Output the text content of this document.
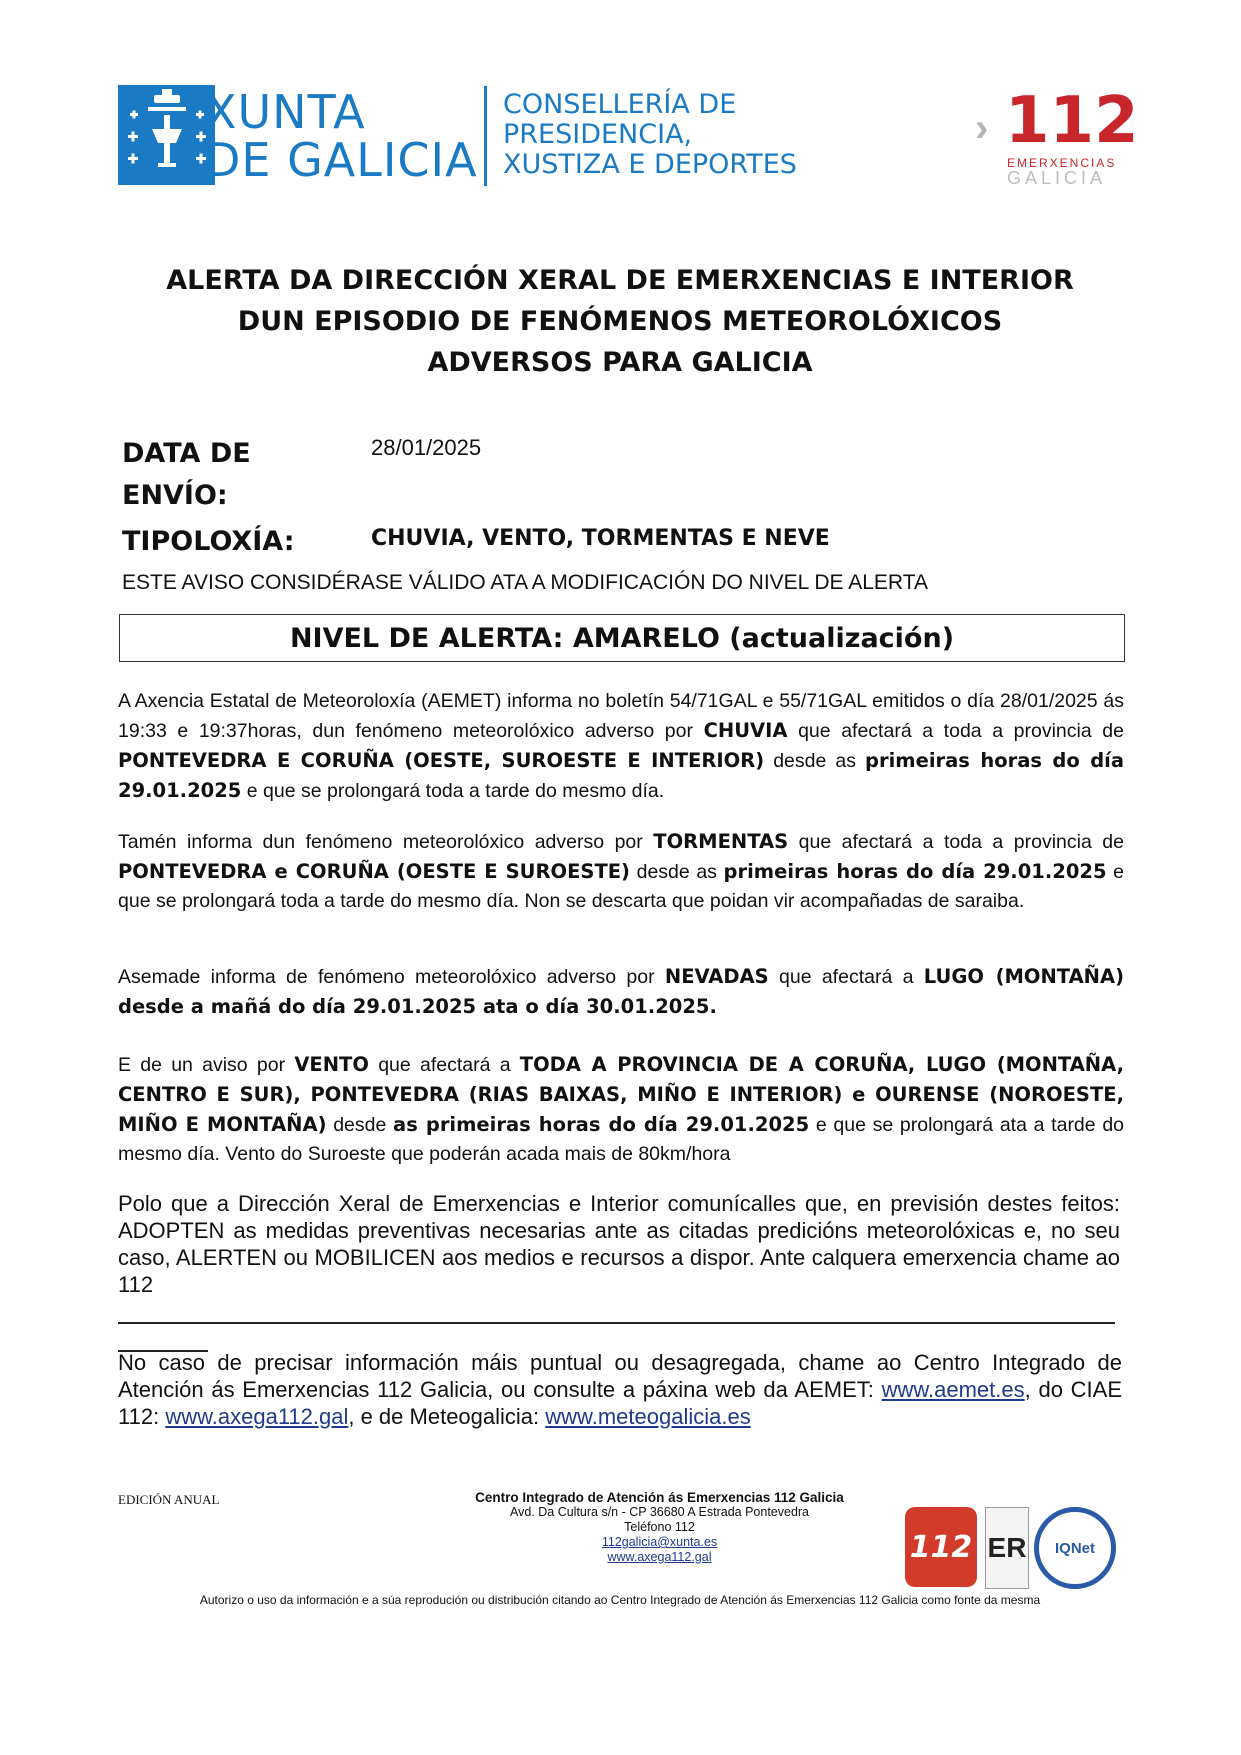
XUNTA
DE GALICIA
CONSELLERÍA DE
PRESIDENCIA,
XUSTIZA E DEPORTES
› 112
EMERXENCIAS
GALICIA
ALERTA DA DIRECCIÓN XERAL DE EMERXENCIAS E INTERIOR
DUN EPISODIO DE FENÓMENOS METEOROLÓXICOS
ADVERSOS PARA GALICIA
DATA DE
ENVÍO:
28/01/2025
TIPOLOXÍA:	CHUVIA, VENTO, TORMENTAS E NEVE
ESTE AVISO CONSIDÉRASE VÁLIDO ATA A MODIFICACIÓN DO NIVEL DE ALERTA
NIVEL DE ALERTA: AMARELO (actualización)
A Axencia Estatal de Meteoroloxía (AEMET) informa no boletín 54/71GAL e 55/71GAL emitidos o día 28/01/2025 ás 19:33 e 19:37horas, dun fenómeno meteorolóxico adverso por CHUVIA que afectará a toda a provincia de PONTEVEDRA E CORUÑA (OESTE, SUROESTE E INTERIOR) desde as primeiras horas do día 29.01.2025 e que se prolongará toda a tarde do mesmo día.
Tamén informa dun fenómeno meteorolóxico adverso por TORMENTAS que afectará a toda a provincia de PONTEVEDRA e CORUÑA (OESTE E SUROESTE) desde as primeiras horas do día 29.01.2025 e que se prolongará toda a tarde do mesmo día. Non se descarta que poidan vir acompañadas de saraiba.
Asemade informa de fenómeno meteorolóxico adverso por NEVADAS que afectará a LUGO (MONTAÑA) desde a mañá do día 29.01.2025 ata o día 30.01.2025.
E de un aviso por VENTO que afectará a TODA A PROVINCIA DE A CORUÑA, LUGO (MONTAÑA, CENTRO E SUR), PONTEVEDRA (RIAS BAIXAS, MIÑO E INTERIOR) e OURENSE (NOROESTE, MIÑO E MONTAÑA) desde as primeiras horas do día 29.01.2025 e que se prolongará ata a tarde do mesmo día. Vento do Suroeste que poderán acada mais de 80km/hora
Polo que a Dirección Xeral de Emerxencias e Interior comunícalles que, en previsión destes feitos: ADOPTEN as medidas preventivas necesarias ante as citadas predicións meteorolóxicas e, no seu caso, ALERTEN ou MOBILICEN aos medios e recursos a dispor. Ante calquera emerxencia chame ao 112
No caso de precisar información máis puntual ou desagregada, chame ao Centro Integrado de Atención ás Emerxencias 112 Galicia, ou consulte a páxina web da AEMET: www.aemet.es, do CIAE 112: www.axega112.gal, e de Meteogalicia: www.meteogalicia.es
EDICIÓN ANUAL	Centro Integrado de Atención ás Emerxencias 112 Galicia
Avd. Da Cultura s/n - CP 36680 A Estrada Pontevedra
Teléfono 112
112galicia@xunta.es
www.axega112.gal	112 ER IQNet
Autorizo o uso da información e a súa reprodución ou distribución citando ao Centro Integrado de Atención ás Emerxencias 112 Galicia como fonte da mesma
